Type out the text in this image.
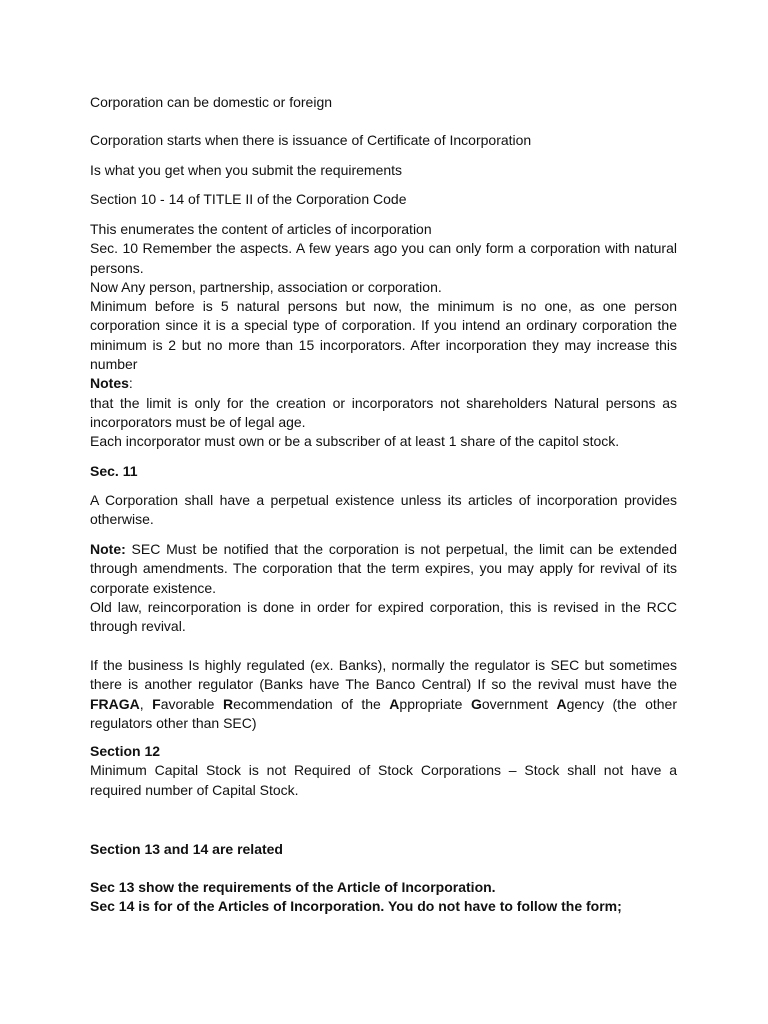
Corporation can be domestic or foreign

Corporation starts when there is issuance of Certificate of Incorporation

Is what you get when you submit the requirements

Section 10 - 14 of TITLE II of the Corporation Code

This enumerates the content of articles of incorporation
Sec. 10 Remember the aspects. A few years ago you can only form a corporation with natural persons.
Now Any person, partnership, association or corporation.
Minimum before is 5 natural persons but now, the minimum is no one, as one person corporation since it is a special type of corporation. If you intend an ordinary corporation the minimum is 2 but no more than 15 incorporators. After incorporation they may increase this number
Notes:
that the limit is only for the creation or incorporators not shareholders Natural persons as incorporators must be of legal age.
Each incorporator must own or be a subscriber of at least 1 share of the capitol stock.

Sec. 11

A Corporation shall have a perpetual existence unless its articles of incorporation provides otherwise.

Note: SEC Must be notified that the corporation is not perpetual, the limit can be extended through amendments. The corporation that the term expires, you may apply for revival of its corporate existence.
Old law, reincorporation is done in order for expired corporation, this is revised in the RCC through revival.

If the business Is highly regulated (ex. Banks), normally the regulator is SEC but sometimes there is another regulator (Banks have The Banco Central) If so the revival must have the FRAGA, Favorable Recommendation of the Appropriate Government Agency (the other regulators other than SEC)

Section 12
Minimum Capital Stock is not Required of Stock Corporations – Stock shall not have a required number of Capital Stock.

Section 13 and 14 are related

Sec 13 show the requirements of the Article of Incorporation.
Sec 14 is for of the Articles of Incorporation. You do not have to follow the form;
